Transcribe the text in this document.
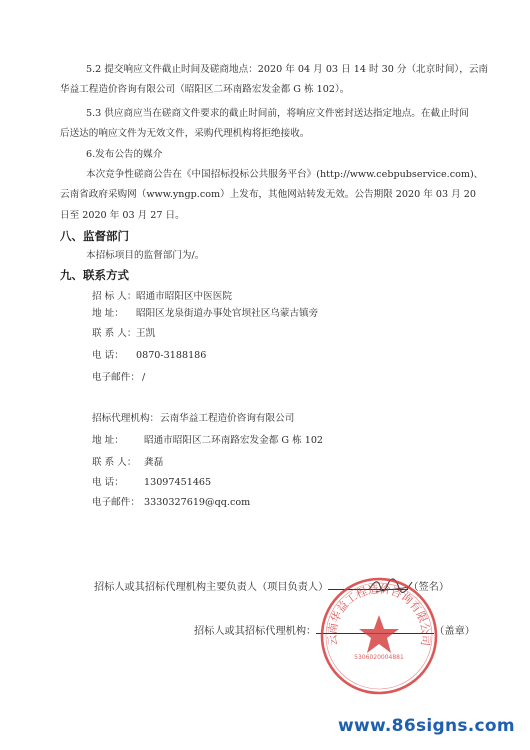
5.2 提交响应文件截止时间及磋商地点：2020 年 04 月 03 日 14 时 30 分（北京时间），云南
华益工程造价咨询有限公司（昭阳区二环南路宏发金都 G 栋 102）。
5.3 供应商应当在磋商文件要求的截止时间前，将响应文件密封送达指定地点。在截止时间
后送达的响应文件为无效文件，采购代理机构将拒绝接收。
6.发布公告的媒介
本次竞争性磋商公告在《中国招标投标公共服务平台》(http://www.cebpubservice.com)、
云南省政府采购网（www.yngp.com）上发布，其他网站转发无效。公告期限 2020 年 03 月 20
日至 2020 年 03 月 27 日。
八、监督部门
本招标项目的监督部门为/。
九、联系方式
招 标 人： 昭通市昭阳区中医医院
地 址： 昭阳区龙泉街道办事处官坝社区乌蒙古镇旁
联 系 人： 王凯
电 话： 0870-3188186
电子邮件： /
招标代理机构： 云南华益工程造价咨询有限公司
地 址： 昭通市昭阳区二环南路宏发金都 G 栋 102
联 系 人： 龚磊
电 话： 13097451465
电子邮件： 3330327619@qq.com
招标人或其招标代理机构主要负责人（项目负责人）	（签名）
招标人或其招标代理机构：	（盖章）
云南华益工程造价咨询有限公司
5306020004881
www.86signs.com
